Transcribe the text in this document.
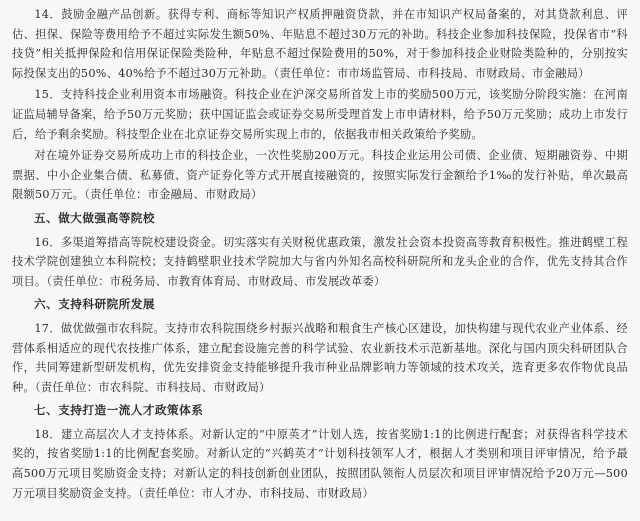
14．鼓励金融产品创新。获得专利、商标等知识产权质押融资贷款，并在市知识产权局备案的，对其贷款利息、评估、担保、保险等费用给予不超过实际发生额50%、年贴息不超过30万元的补助。科技企业参加科技保险，投保省市“科技贷”相关抵押保险和信用保证保险类险种，年贴息不超过保险费用的50%，对于参加科技企业财险类险种的，分别按实际投保支出的50%、40%给予不超过30万元补助。（责任单位：市市场监管局、市科技局、市财政局、市金融局）

15．支持科技企业利用资本市场融资。科技企业在沪深交易所首发上市的奖励500万元，该奖励分阶段实施：在河南证监局辅导备案，给予50万元奖励；获中国证监会或证券交易所受理首发上市申请材料，给予50万元奖励；成功上市发行后，给予剩余奖励。科技型企业在北京证券交易所实现上市的，依据我市相关政策给予奖励。

对在境外证券交易所成功上市的科技企业，一次性奖励200万元。科技企业运用公司债、企业债、短期融资券、中期票据、中小企业集合债、私募债、资产证券化等方式开展直接融资的，按照实际发行金额给予1‰的发行补贴，单次最高限额50万元。（责任单位：市金融局、市财政局）

五、做大做强高等院校

16．多渠道筹措高等院校建设资金。切实落实有关财税优惠政策，激发社会资本投资高等教育积极性。推进鹤壁工程技术学院创建独立本科院校；支持鹤壁职业技术学院加大与省内外知名高校科研院所和龙头企业的合作，优先支持其合作项目。（责任单位：市税务局、市教育体育局、市财政局、市发展改革委）

六、支持科研院所发展

17．做优做强市农科院。支持市农科院围绕乡村振兴战略和粮食生产核心区建设，加快构建与现代农业产业体系、经营体系相适应的现代农技推广体系，建立配套设施完善的科学试验、农业新技术示范新基地。深化与国内顶尖科研团队合作，共同筹建新型研发机构，优先安排资金支持能够提升我市种业品牌影响力等领域的技术攻关，选育更多农作物优良品种。（责任单位：市农科院、市科技局、市财政局）

七、支持打造一流人才政策体系

18．建立高层次人才支持体系。对新认定的“中原英才”计划人选，按省奖励1:1的比例进行配套；对获得省科学技术奖的，按省奖励1:1的比例配套奖励。对新认定的“兴鹤英才”计划科技领军人才，根据人才类别和项目评审情况，给予最高500万元项目奖励资金支持；对新认定的科技创新创业团队，按照团队领衔人员层次和项目评审情况给予20万元—500万元项目奖励资金支持。（责任单位：市人才办、市科技局、市财政局）
